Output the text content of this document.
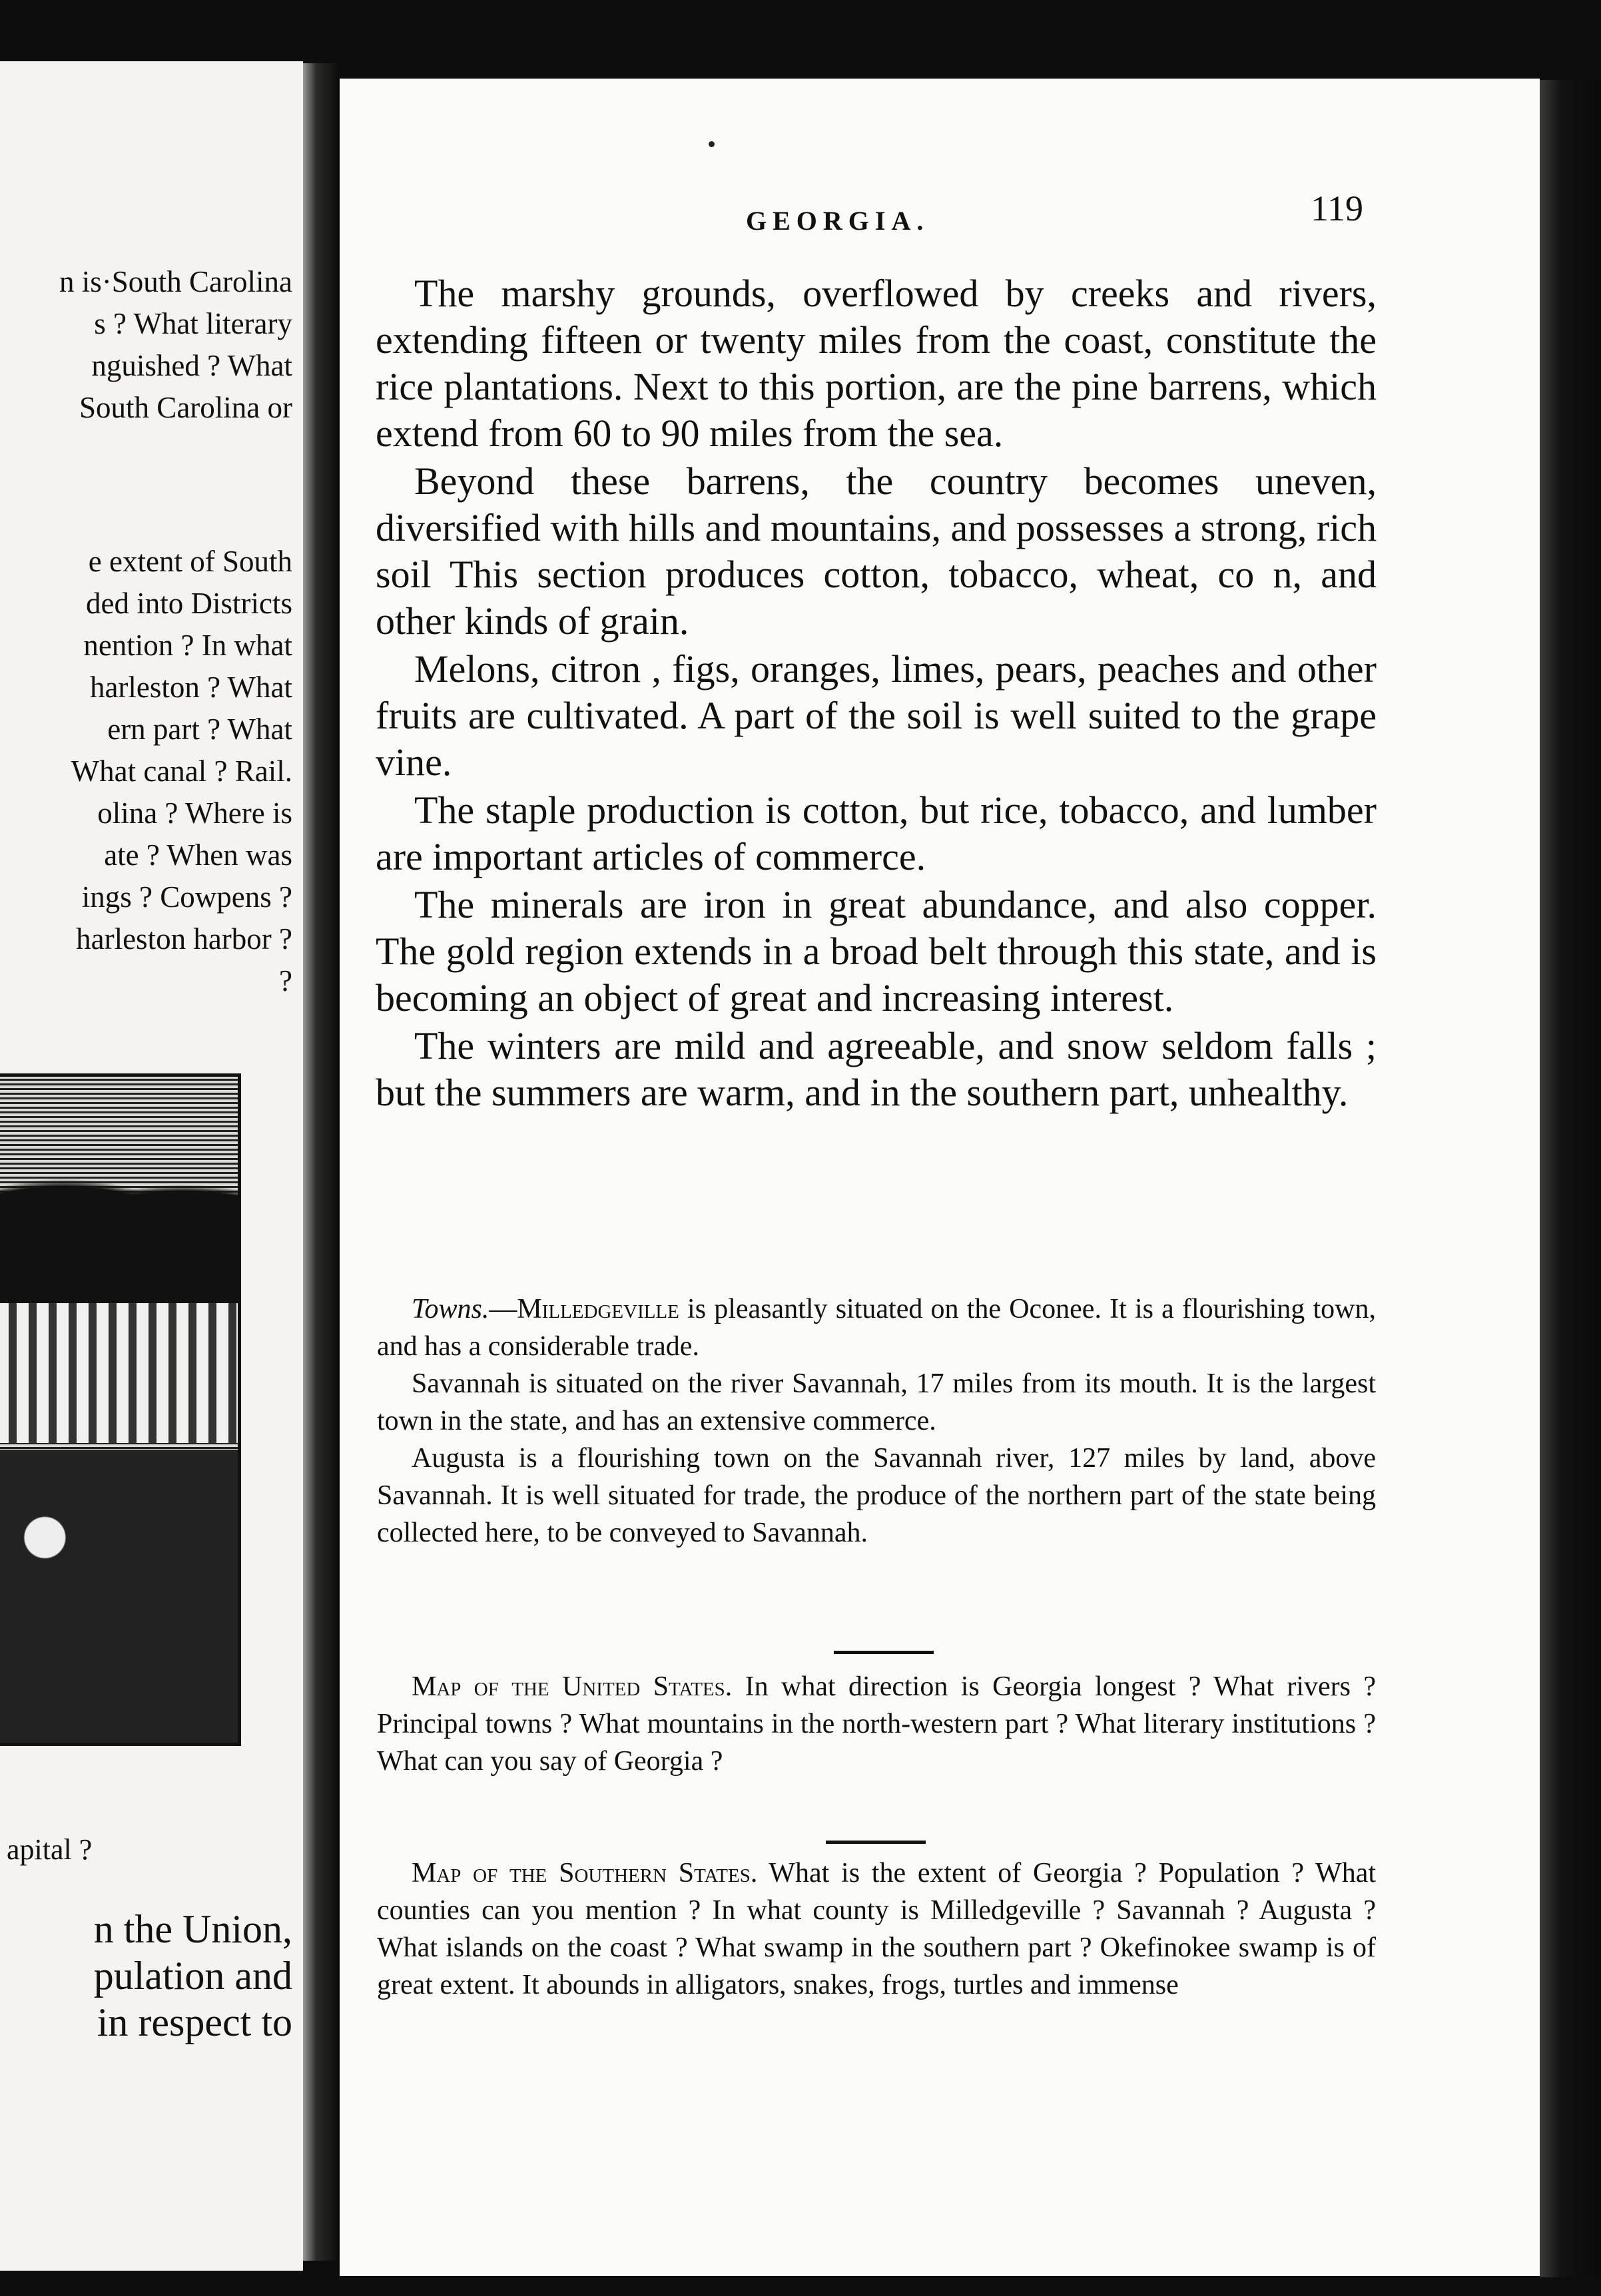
n is·South Carolina
s ? What literary
nguished ? What
South Carolina or
e extent of South
ded into Districts
nention ? In what
harleston ? What
ern part ? What
What canal ? Rail.
olina ? Where is
ate ? When was
ings ? Cowpens ?
harleston harbor ?
?
apital ?
n the Union,
pulation and
in respect to
GEORGIA.	119

The marshy grounds, overflowed by creeks and rivers, extending fifteen or twenty miles from the coast, constitute the rice plantations. Next to this portion, are the pine barrens, which extend from 60 to 90 miles from the sea.

Beyond these barrens, the country becomes uneven, diversified with hills and mountains, and possesses a strong, rich soil This section produces cotton, tobacco, wheat, co n, and other kinds of grain.

Melons, citron , figs, oranges, limes, pears, peaches and other fruits are cultivated. A part of the soil is well suited to the grape vine.

The staple production is cotton, but rice, tobacco, and lumber are important articles of commerce.

The minerals are iron in great abundance, and also copper. The gold region extends in a broad belt through this state, and is becoming an object of great and increasing interest.

The winters are mild and agreeable, and snow seldom falls ; but the summers are warm, and in the southern part, unhealthy.

Towns.—Milledgeville is pleasantly situated on the Oconee. It is a flourishing town, and has a considerable trade.

Savannah is situated on the river Savannah, 17 miles from its mouth. It is the largest town in the state, and has an extensive commerce.

Augusta is a flourishing town on the Savannah river, 127 miles by land, above Savannah. It is well situated for trade, the produce of the northern part of the state being collected here, to be conveyed to Savannah.

Map of the United States. In what direction is Georgia longest ? What rivers ? Principal towns ? What mountains in the north-western part ? What literary institutions ? What can you say of Georgia ?

Map of the Southern States. What is the extent of Georgia ? Population ? What counties can you mention ? In what county is Milledgeville ? Savannah ? Augusta ? What islands on the coast ? What swamp in the southern part ? Okefinokee swamp is of great extent. It abounds in alligators, snakes, frogs, turtles and immense
